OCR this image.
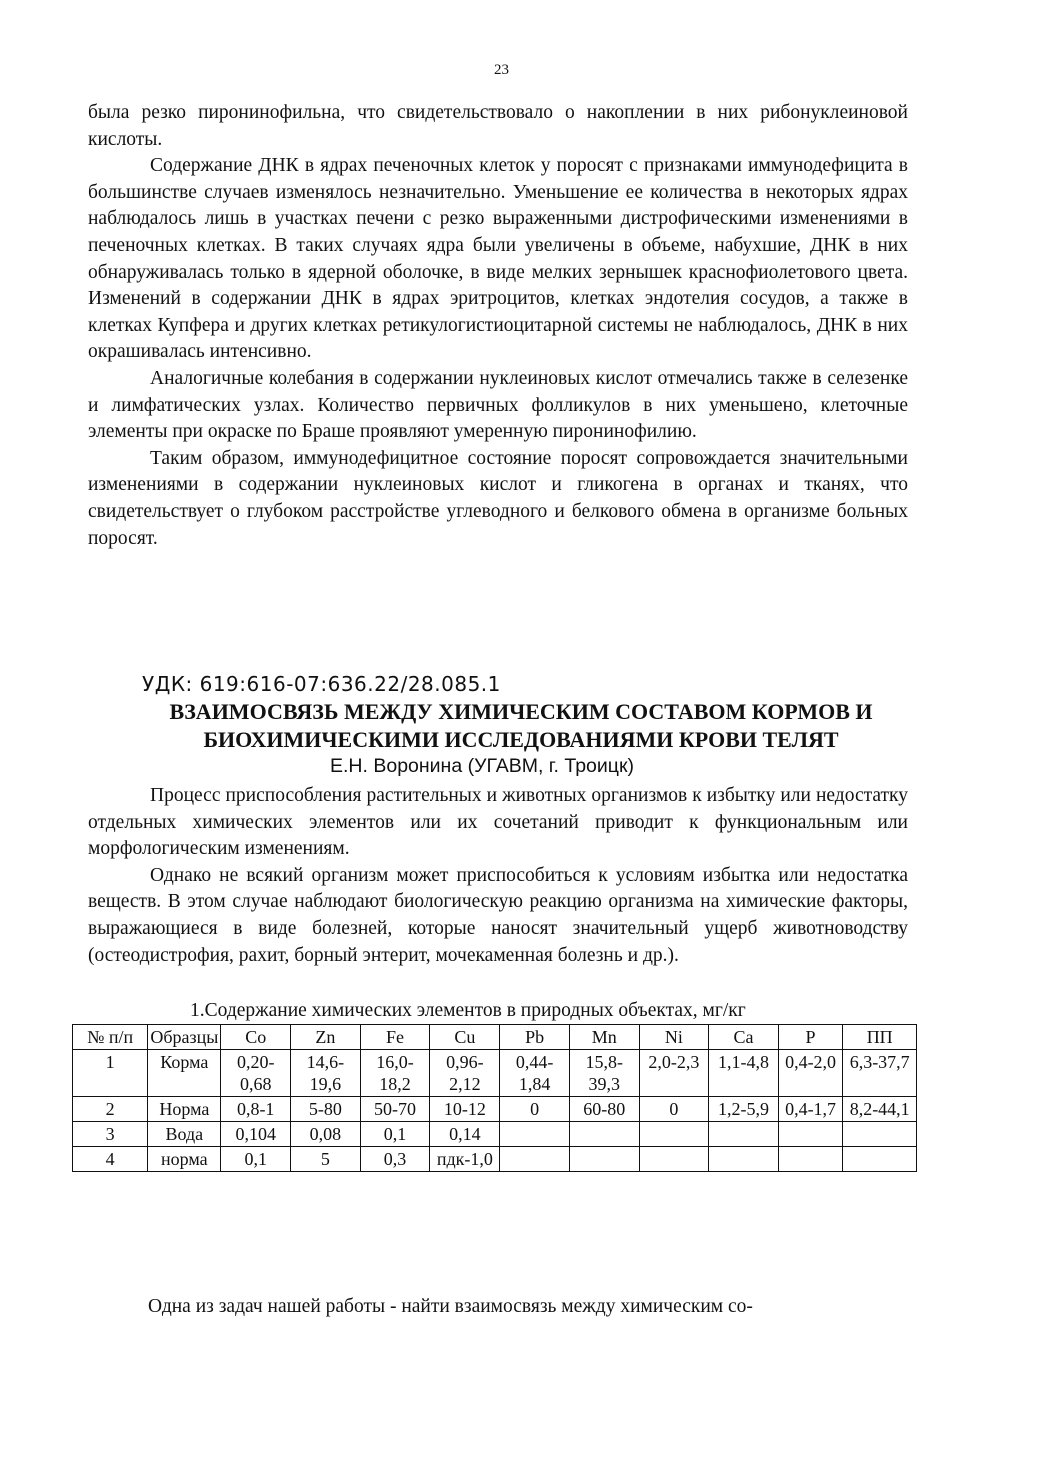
23

была резко пиронинофильна, что свидетельствовало о накоплении в них рибонуклеиновой кислоты.

Содержание ДНК в ядрах печеночных клеток у поросят с признаками иммунодефицита в большинстве случаев изменялось незначительно. Уменьшение ее количества в некоторых ядрах наблюдалось лишь в участках печени с резко выраженными дистрофическими изменениями в печеночных клетках. В таких случаях ядра были увеличены в объеме, набухшие, ДНК в них обнаруживалась только в ядерной оболочке, в виде мелких зернышек краснофиолетового цвета. Изменений в содержании ДНК в ядрах эритроцитов, клетках эндотелия сосудов, а также в клетках Купфера и других клетках ретикулогистиоцитарной системы не наблюдалось, ДНК в них окрашивалась интенсивно.

Аналогичные колебания в содержании нуклеиновых кислот отмечались также в селезенке и лимфатических узлах. Количество первичных фолликулов в них уменьшено, клеточные элементы при окраске по Браше проявляют умеренную пиронинофилию.

Таким образом, иммунодефицитное состояние поросят сопровождается значительными изменениями в содержании нуклеиновых кислот и гликогена в органах и тканях, что свидетельствует о глубоком расстройстве углеводного и белкового обмена в организме больных поросят.

УДК: 619:616-07:636.22/28.085.1
ВЗАИМОСВЯЗЬ МЕЖДУ ХИМИЧЕСКИМ СОСТАВОМ КОРМОВ И
БИОХИМИЧЕСКИМИ ИССЛЕДОВАНИЯМИ КРОВИ ТЕЛЯТ
Е.Н. Воронина (УГАВМ, г. Троицк)

Процесс приспособления растительных и животных организмов к избытку или недостатку отдельных химических элементов или их сочетаний приводит к функциональным или морфологическим изменениям.

Однако не всякий организм может приспособиться к условиям избытка или недостатка веществ. В этом случае наблюдают биологическую реакцию организма на химические факторы, выражающиеся в виде болезней, которые наносят значительный ущерб животноводству (остеодистрофия, рахит, борный энтерит, мочекаменная болезнь и др.).

1.Содержание химических элементов в природных объектах, мг/кг
№ п/п	Образцы	Co	Zn	Fe	Cu	Pb	Mn	Ni	Ca	P	ПП
1	Корма	0,20-0,68	14,6-19,6	16,0-18,2	0,96-2,12	0,44-1,84	15,8-39,3	2,0-2,3	1,1-4,8	0,4-2,0	6,3-37,7
2	Норма	0,8-1	5-80	50-70	10-12	0	60-80	0	1,2-5,9	0,4-1,7	8,2-44,1
3	Вода	0,104	0,08	0,1	0,14						
4	норма	0,1	5	0,3	пдк-1,0						
Одна из задач нашей работы - найти взаимосвязь между химическим со-
